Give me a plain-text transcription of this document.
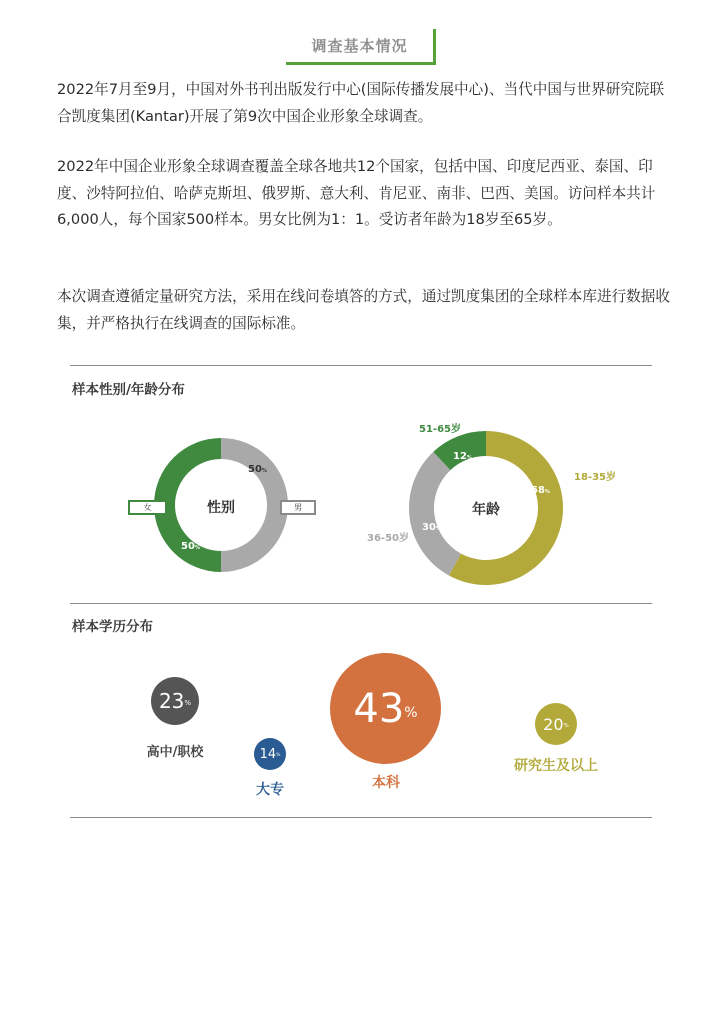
调查基本情况

2022年7月至9月，中国对外书刊出版发行中心(国际传播发展中心)、当代中国与世界研究院联合凯度集团(Kantar)开展了第9次中国企业形象全球调查。

2022年中国企业形象全球调查覆盖全球各地共12个国家，包括中国、印度尼西亚、泰国、印度、沙特阿拉伯、哈萨克斯坦、俄罗斯、意大利、肯尼亚、南非、巴西、美国。访问样本共计6,000人，每个国家500样本。男女比例为1：1。受访者年龄为18岁至65岁。

本次调查遵循定量研究方法，采用在线问卷填答的方式，通过凯度集团的全球样本库进行数据收集，并严格执行在线调查的国际标准。

样本性别/年龄分布
性别
50%
50%
女	男	年龄
58%
30%
12%
18-35岁
36-50岁
51-65岁
样本学历分布
$23_{\%}$
高中/职校	$14_{\%}$
大专
$43_{\%}$
本科
$20_{\%}$
研究生及以上
